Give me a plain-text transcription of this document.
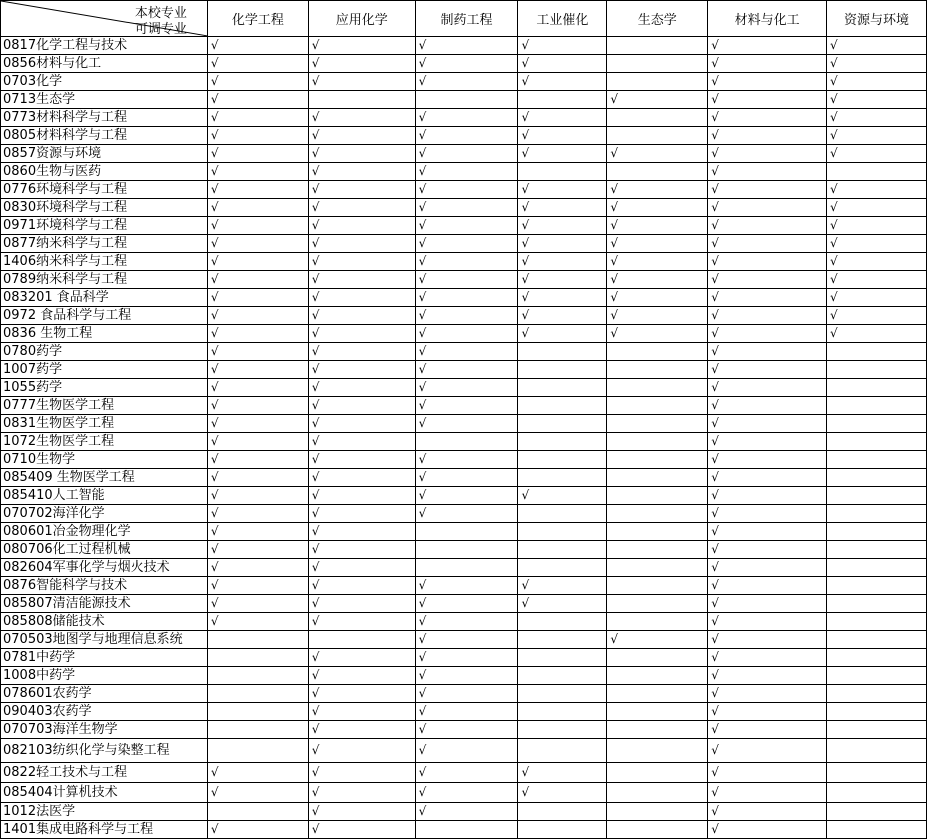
本校专业
可调专业	化学工程	应用化学	制药工程	工业催化	生态学	材料与化工	资源与环境
0817化学工程与技术	√	√	√	√		√	√
0856材料与化工	√	√	√	√		√	√
0703化学	√	√	√	√		√	√
0713生态学	√				√	√	√
0773材料科学与工程	√	√	√	√		√	√
0805材料科学与工程	√	√	√	√		√	√
0857资源与环境	√	√	√	√	√	√	√
0860生物与医药	√	√	√			√	
0776环境科学与工程	√	√	√	√	√	√	√
0830环境科学与工程	√	√	√	√	√	√	√
0971环境科学与工程	√	√	√	√	√	√	√
0877纳米科学与工程	√	√	√	√	√	√	√
1406纳米科学与工程	√	√	√	√	√	√	√
0789纳米科学与工程	√	√	√	√	√	√	√
083201 食品科学	√	√	√	√	√	√	√
0972 食品科学与工程	√	√	√	√	√	√	√
0836 生物工程	√	√	√	√	√	√	√
0780药学	√	√	√			√	
1007药学	√	√	√			√	
1055药学	√	√	√			√	
0777生物医学工程	√	√	√			√	
0831生物医学工程	√	√	√			√	
1072生物医学工程	√	√				√	
0710生物学	√	√	√			√	
085409 生物医学工程	√	√	√			√	
085410人工智能	√	√	√	√		√	
070702海洋化学	√	√	√			√	
080601冶金物理化学	√	√				√	
080706化工过程机械	√	√				√	
082604军事化学与烟火技术	√	√				√	
0876智能科学与技术	√	√	√	√		√	
085807清洁能源技术	√	√	√	√		√	
085808储能技术	√	√	√			√	
070503地图学与地理信息系统			√		√	√	
0781中药学		√	√			√	
1008中药学		√	√			√	
078601农药学		√	√			√	
090403农药学		√	√			√	
070703海洋生物学		√	√			√	
082103纺织化学与染整工程		√	√			√	
0822轻工技术与工程	√	√	√	√		√	
085404计算机技术	√	√	√	√		√	
1012法医学		√	√			√	
1401集成电路科学与工程	√	√				√	
